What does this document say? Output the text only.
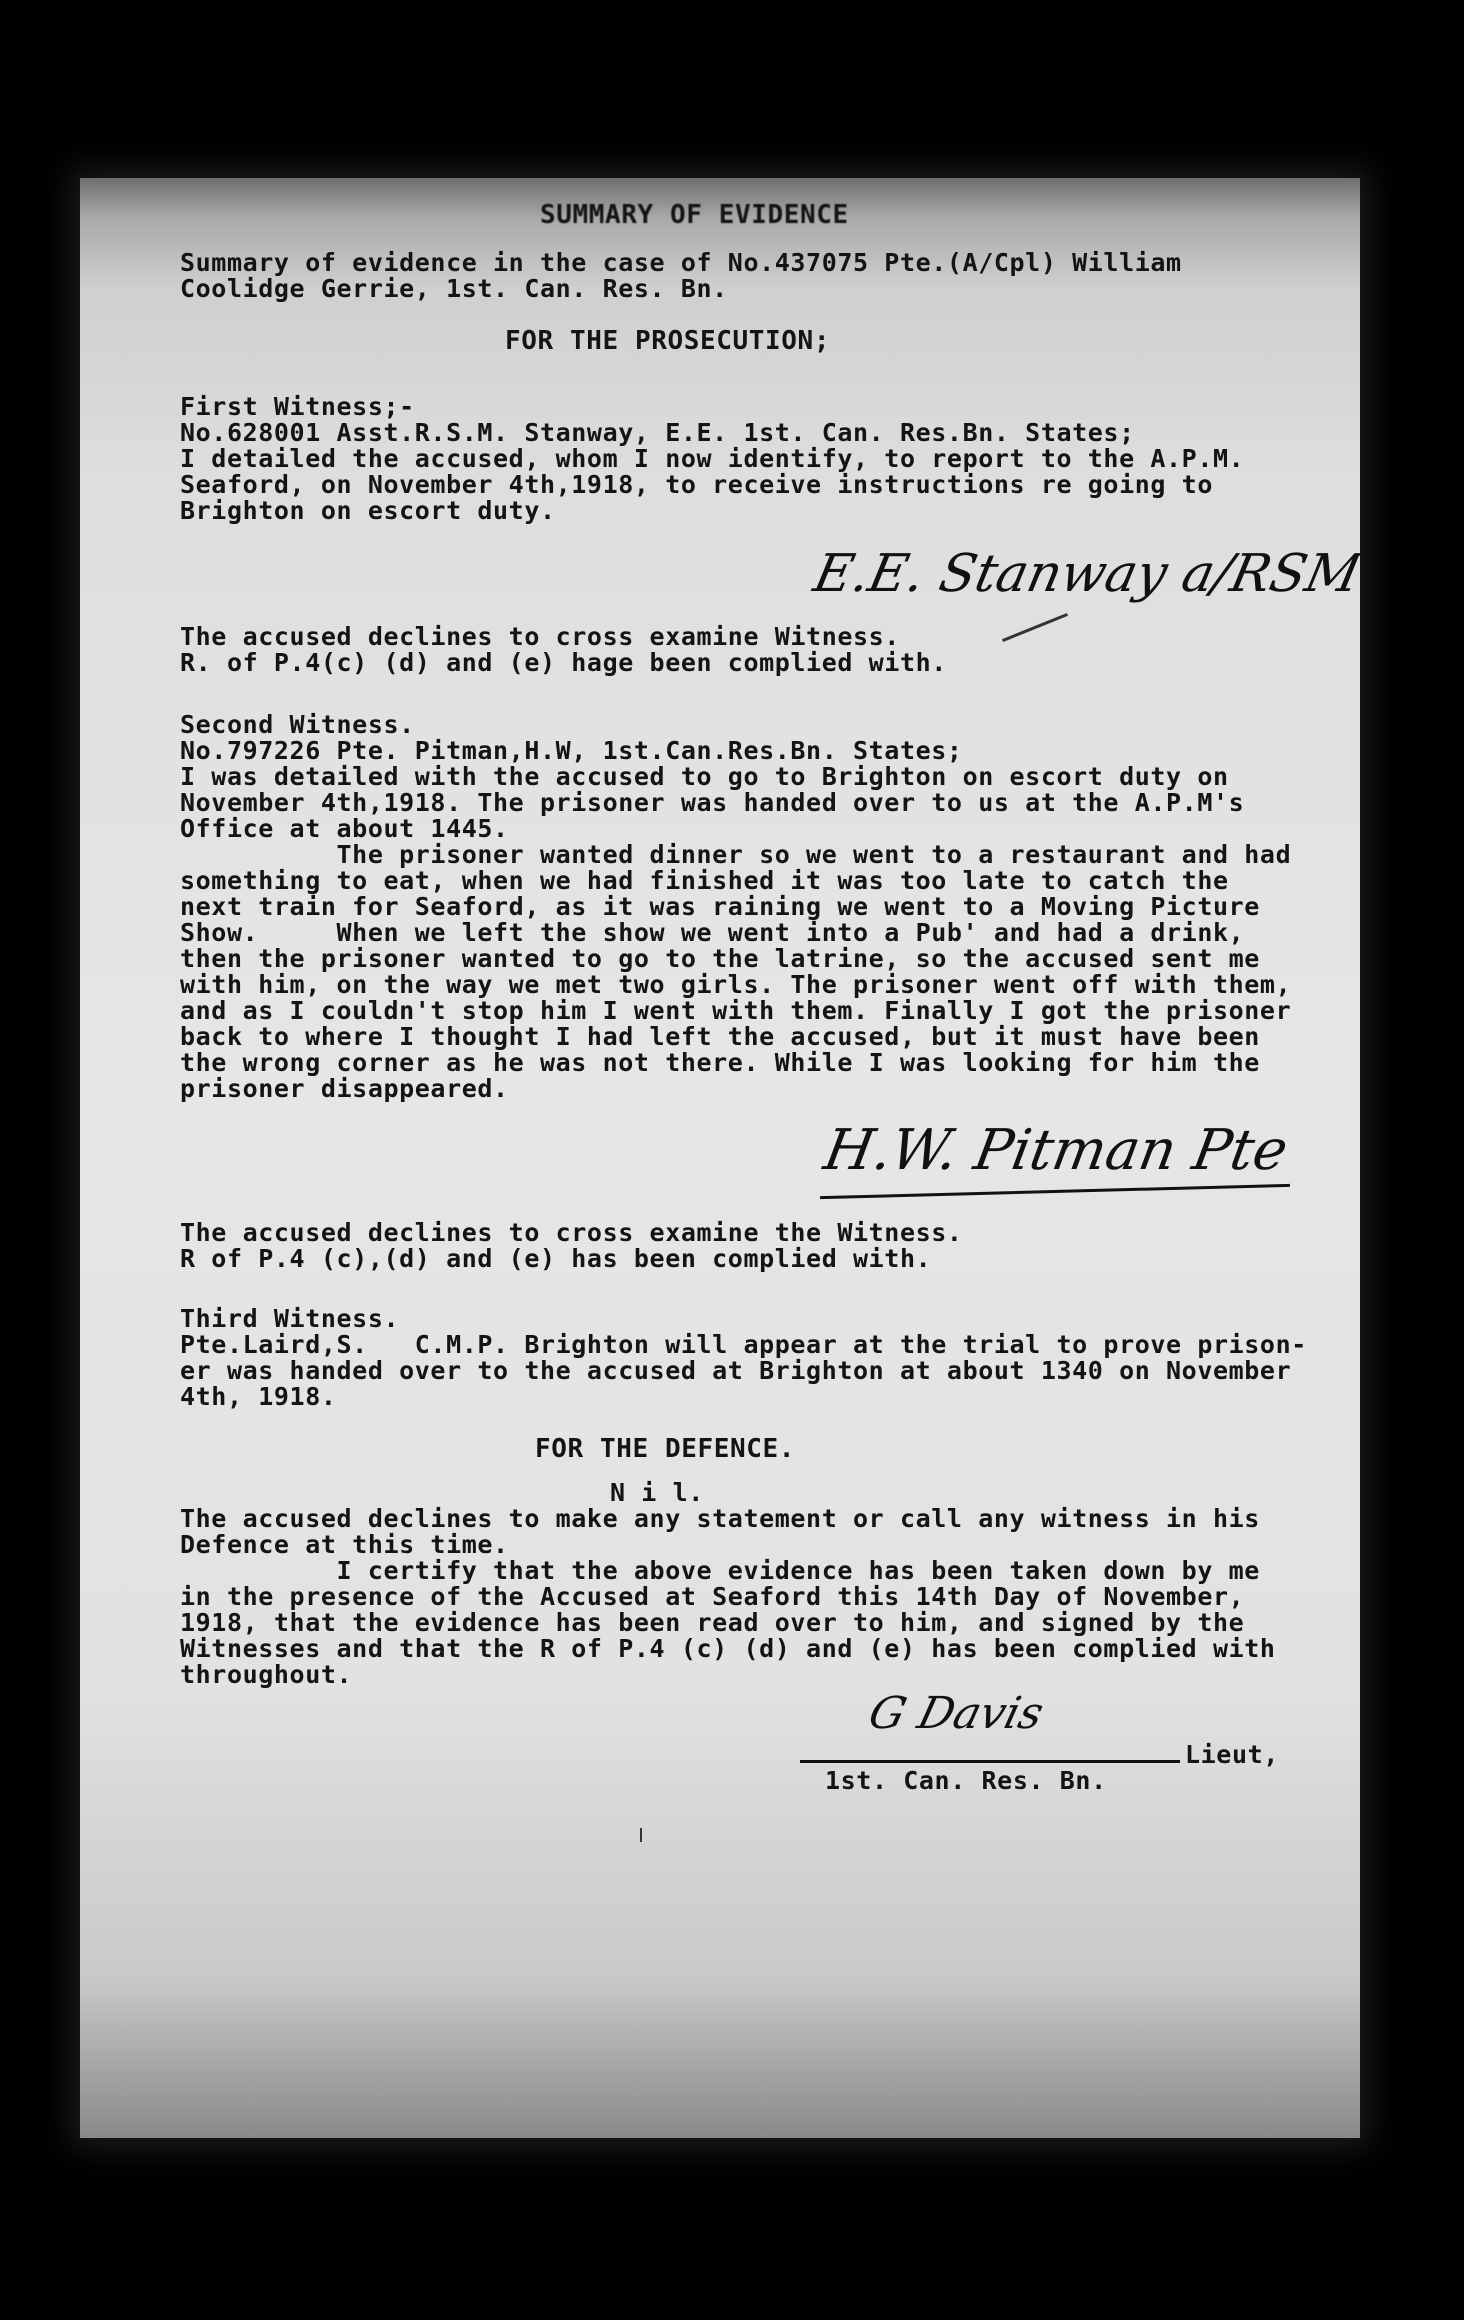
SUMMARY OF EVIDENCE
Summary of evidence in the case of No.437075 Pte.(A/Cpl) William
Coolidge Gerrie, 1st. Can. Res. Bn.
FOR THE PROSECUTION;
First Witness;-
No.628001 Asst.R.S.M. Stanway, E.E. 1st. Can. Res.Bn. States;
I detailed the accused, whom I now identify, to report to the A.P.M.
Seaford, on November 4th,1918, to receive instructions re going to
Brighton on escort duty.
E.E. Stanway a/RSM
The accused declines to cross examine Witness.
R. of P.4(c) (d) and (e) hage been complied with.
Second Witness.
No.797226 Pte. Pitman,H.W, 1st.Can.Res.Bn. States;
I was detailed with the accused to go to Brighton on escort duty on
November 4th,1918. The prisoner was handed over to us at the A.P.M's
Office at about 1445.
The prisoner wanted dinner so we went to a restaurant and had
something to eat, when we had finished it was too late to catch the
next train for Seaford, as it was raining we went to a Moving Picture
Show.     When we left the show we went into a Pub' and had a drink,
then the prisoner wanted to go to the latrine, so the accused sent me
with him, on the way we met two girls. The prisoner went off with them,
and as I couldn't stop him I went with them. Finally I got the prisoner
back to where I thought I had left the accused, but it must have been
the wrong corner as he was not there. While I was looking for him the
prisoner disappeared.
H.W. Pitman Pte
The accused declines to cross examine the Witness.
R of P.4 (c),(d) and (e) has been complied with.
Third Witness.
Pte.Laird,S.   C.M.P. Brighton will appear at the trial to prove prison-
er was handed over to the accused at Brighton at about 1340 on November
4th, 1918.
FOR THE DEFENCE.
N i l.
The accused declines to make any statement or call any witness in his
Defence at this time.
I certify that the above evidence has been taken down by me
in the presence of the Accused at Seaford this 14th Day of November,
1918, that the evidence has been read over to him, and signed by the
Witnesses and that the R of P.4 (c) (d) and (e) has been complied with
throughout.
G Davis
Lieut,
1st. Can. Res. Bn.
